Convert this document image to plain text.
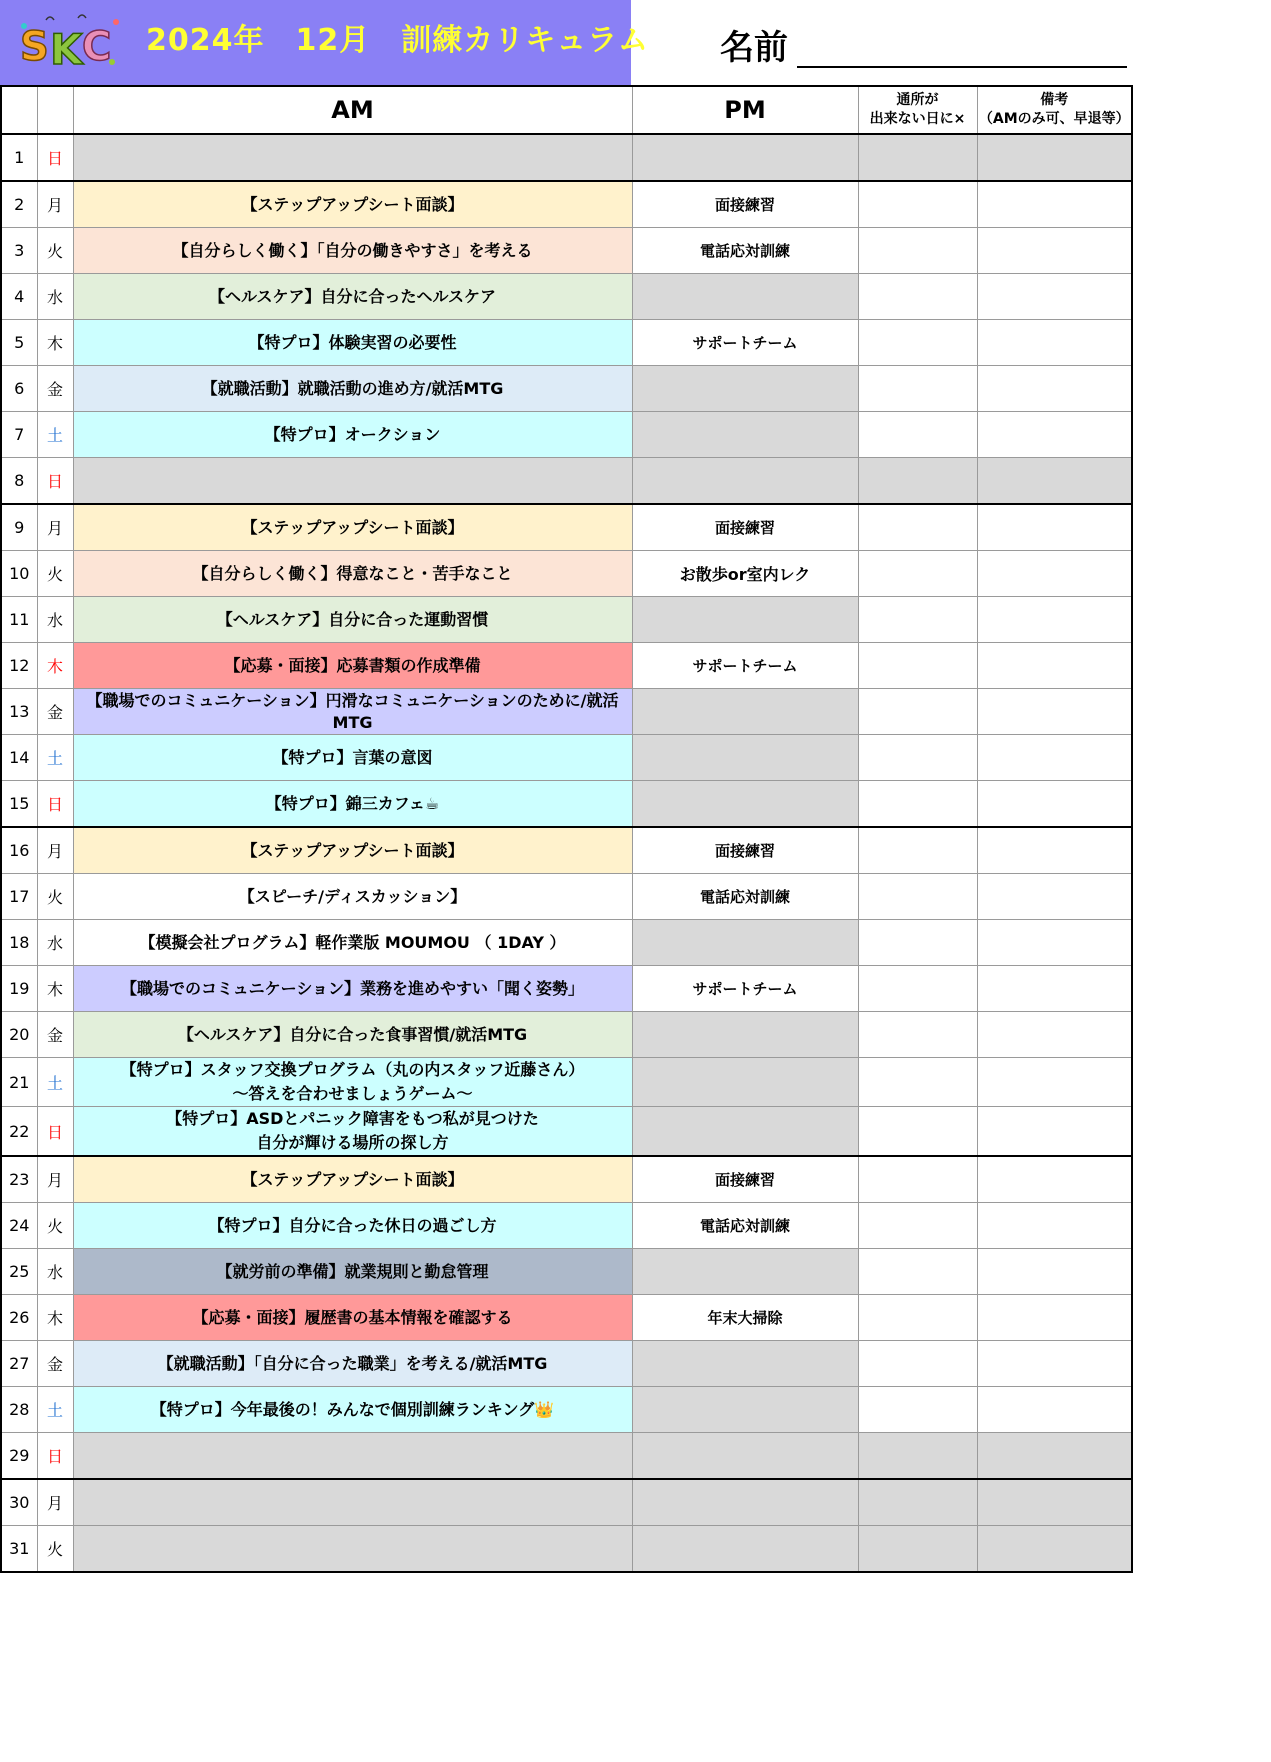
S K C 2024年　12月　訓練カリキュラム 名前
		AM	PM	通所が
出来ない日に×	備考
（AMのみ可、早退等）
1	日				
2	月	【ステップアップシート面談】	面接練習		
3	火	【自分らしく働く】「自分の働きやすさ」を考える	電話応対訓練		
4	水	【ヘルスケア】自分に合ったヘルスケア			
5	木	【特プロ】体験実習の必要性	サポートチーム		
6	金	【就職活動】就職活動の進め方/就活MTG			
7	土	【特プロ】オークション			
8	日				
9	月	【ステップアップシート面談】	面接練習		
10	火	【自分らしく働く】得意なこと・苦手なこと	お散歩or室内レク		
11	水	【ヘルスケア】自分に合った運動習慣			
12	木	【応募・面接】応募書類の作成準備	サポートチーム		
13	金	【職場でのコミュニケーション】円滑なコミュニケーションのために/就活MTG			
14	土	【特プロ】言葉の意図			
15	日	【特プロ】錦三カフェ☕			
16	月	【ステップアップシート面談】	面接練習		
17	火	【スピーチ/ディスカッション】	電話応対訓練		
18	水	【模擬会社プログラム】軽作業版 MOUMOU （ 1DAY ）			
19	木	【職場でのコミュニケーション】業務を進めやすい「聞く姿勢」	サポートチーム		
20	金	【ヘルスケア】自分に合った食事習慣/就活MTG			
21	土	【特プロ】スタッフ交換プログラム（丸の内スタッフ近藤さん）
～答えを合わせましょうゲーム～			
22	日	【特プロ】ASDとパニック障害をもつ私が見つけた
自分が輝ける場所の探し方			
23	月	【ステップアップシート面談】	面接練習		
24	火	【特プロ】自分に合った休日の過ごし方	電話応対訓練		
25	水	【就労前の準備】就業規則と勤怠管理			
26	木	【応募・面接】履歴書の基本情報を確認する	年末大掃除		
27	金	【就職活動】「自分に合った職業」を考える/就活MTG			
28	土	【特プロ】今年最後の！みんなで個別訓練ランキング👑			
29	日				
30	月				
31	火				
